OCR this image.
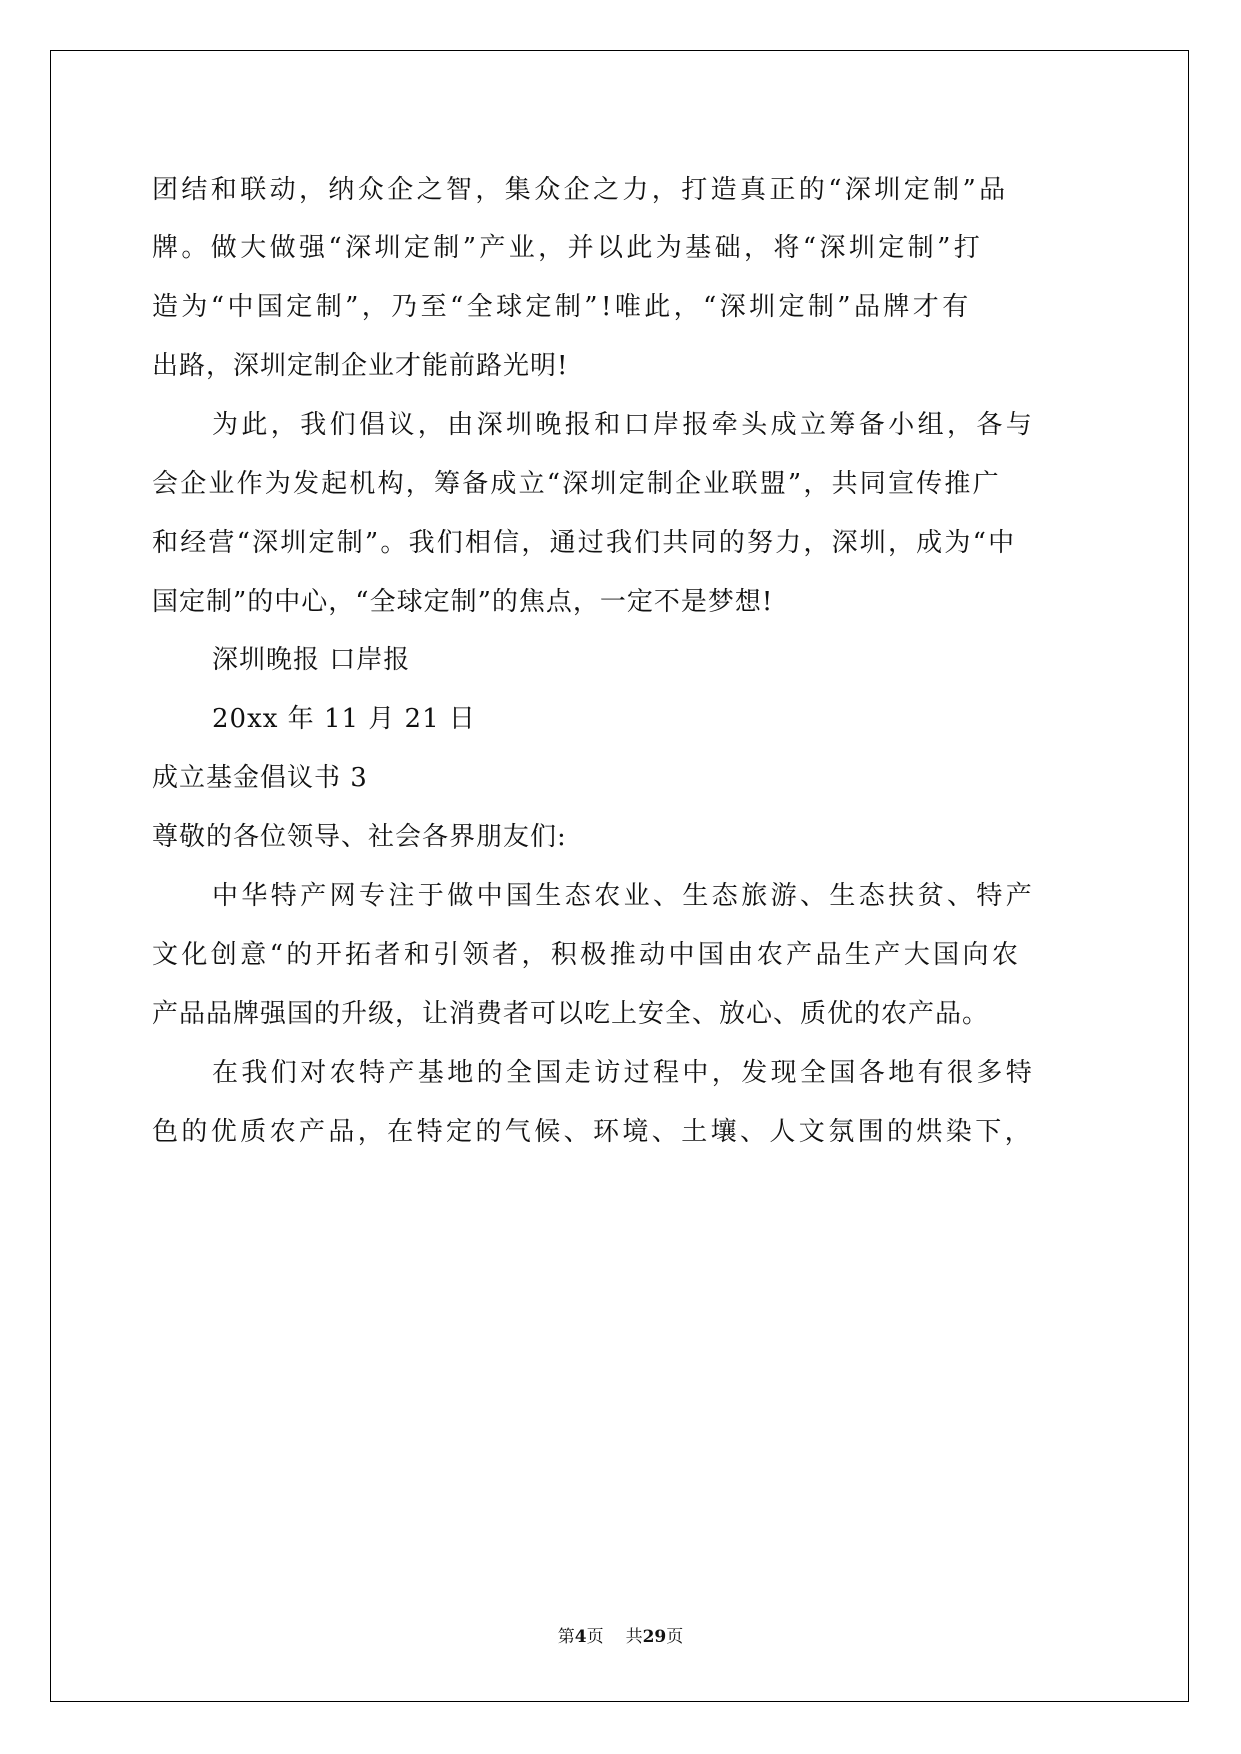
团结和联动，纳众企之智，集众企之力，打造真正的“深圳定制”品
牌。做大做强“深圳定制”产业，并以此为基础，将“深圳定制”打
造为“中国定制”，乃至“全球定制”!唯此，“深圳定制”品牌才有
出路，深圳定制企业才能前路光明!
为此，我们倡议，由深圳晚报和口岸报牵头成立筹备小组，各与
会企业作为发起机构，筹备成立“深圳定制企业联盟”，共同宣传推广
和经营“深圳定制”。我们相信，通过我们共同的努力，深圳，成为“中
国定制”的中心，“全球定制”的焦点，一定不是梦想!
深圳晚报 口岸报
20xx 年 11 月 21 日
成立基金倡议书 3
尊敬的各位领导、社会各界朋友们:
中华特产网专注于做中国生态农业、生态旅游、生态扶贫、特产
文化创意“的开拓者和引领者，积极推动中国由农产品生产大国向农
产品品牌强国的升级，让消费者可以吃上安全、放心、质优的农产品。
在我们对农特产基地的全国走访过程中，发现全国各地有很多特
色的优质农产品，在特定的气候、环境、土壤、人文氛围的烘染下，
第4页 共29页
